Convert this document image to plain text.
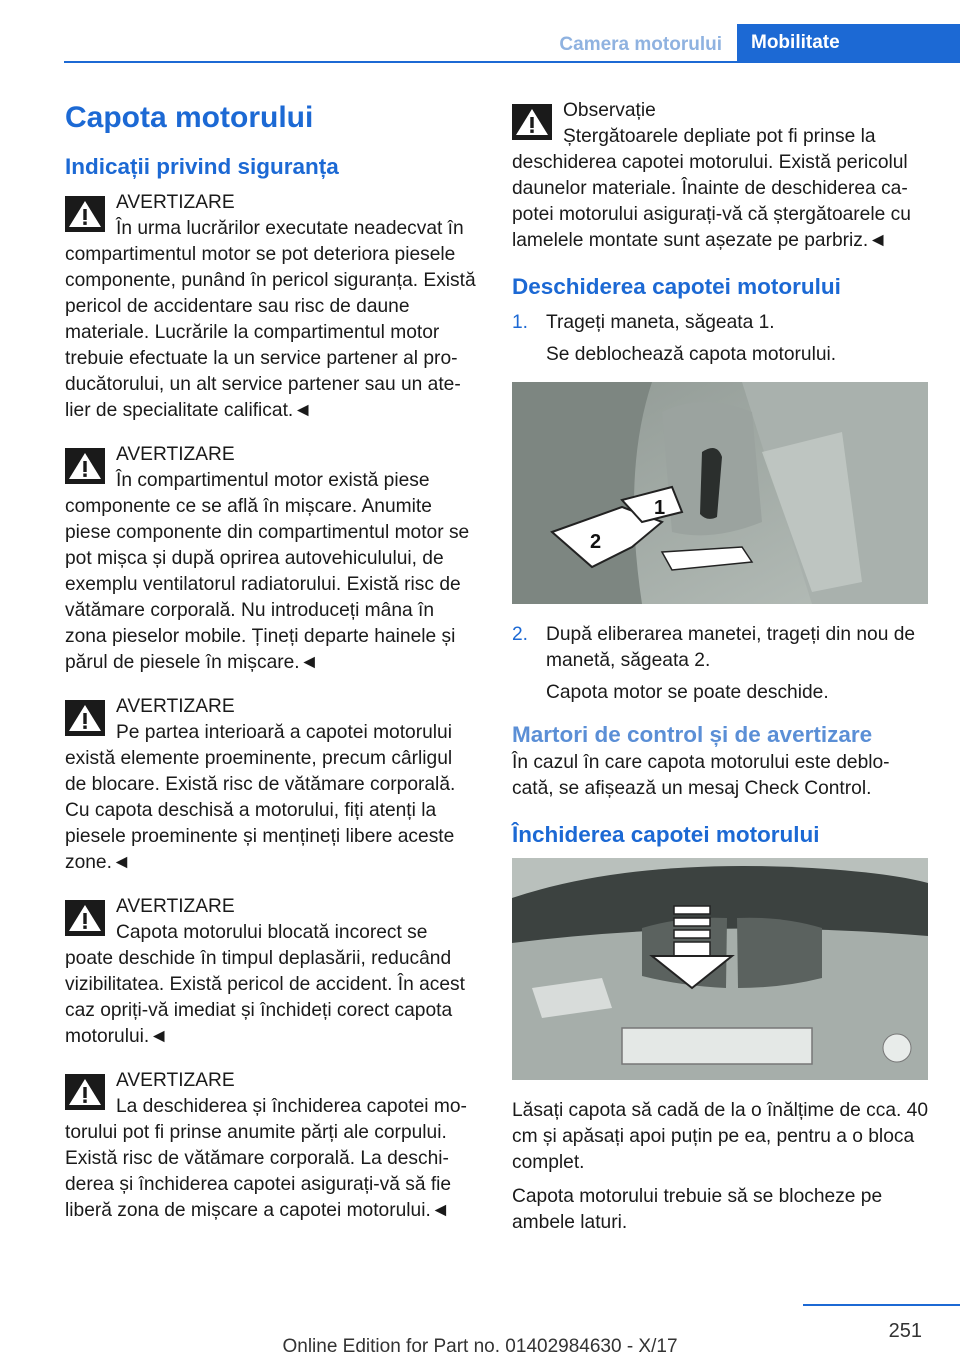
Camera motorului	Mobilitate
Capota motorului
Indicații privind siguranța
AVERTIZARE
În urma lucrărilor executate neadecvat în

compartimentul motor se pot deteriora piesele componente, punând în pericol siguranța. Există pericol de accidentare sau risc de daune materiale. Lucrările la compartimentul motor trebuie efectuate la un service partener al pro-ducătorului, un alt service partener sau un ate-lier de specialitate calificat.◄

AVERTIZARE
În compartimentul motor există piese

componente ce se află în mișcare. Anumite piese componente din compartimentul motor se pot mișca și după oprirea autovehiculului, de exemplu ventilatorul radiatorului. Există risc de vătămare corporală. Nu introduceți mâna în zona pieselor mobile. Țineți departe hainele și părul de piesele în mișcare.◄

AVERTIZARE
Pe partea interioară a capotei motorului

există elemente proeminente, precum cârligul de blocare. Există risc de vătămare corporală. Cu capota deschisă a motorului, fiți atenți la piesele proeminente și mențineți libere aceste zone.◄

AVERTIZARE
Capota motorului blocată incorect se

poate deschide în timpul deplasării, reducând vizibilitatea. Există pericol de accident. În acest caz opriți-vă imediat și închideți corect capota motorului.◄

AVERTIZARE
La deschiderea și închiderea capotei mo-

torului pot fi prinse anumite părți ale corpului. Există risc de vătămare corporală. La deschi-derea și închiderea capotei asigurați-vă să fie liberă zona de mișcare a capotei motorului.◄

Observație
Ștergătoarele depliate pot fi prinse la

deschiderea capotei motorului. Există pericolul daunelor materiale. Înainte de deschiderea ca-potei motorului asigurați-vă că ștergătoarele cu lamelele montate sunt așezate pe parbriz.◄

Deschiderea capotei motorului
1. Trageți maneta, săgeata 1.

Se deblochează capota motorului.

1
2
2. După eliberarea manetei, trageți din nou de manetă, săgeata 2.

Capota motor se poate deschide.

Martori de control și de avertizare

În cazul în care capota motorului este deblo-cată, se afișează un mesaj Check Control.

Închiderea capotei motorului

Lăsați capota să cadă de la o înălțime de cca. 40 cm și apăsați apoi puțin pe ea, pentru a o bloca complet.

Capota motorului trebuie să se blocheze pe ambele laturi.

251
Online Edition for Part no. 01402984630 - X/17
